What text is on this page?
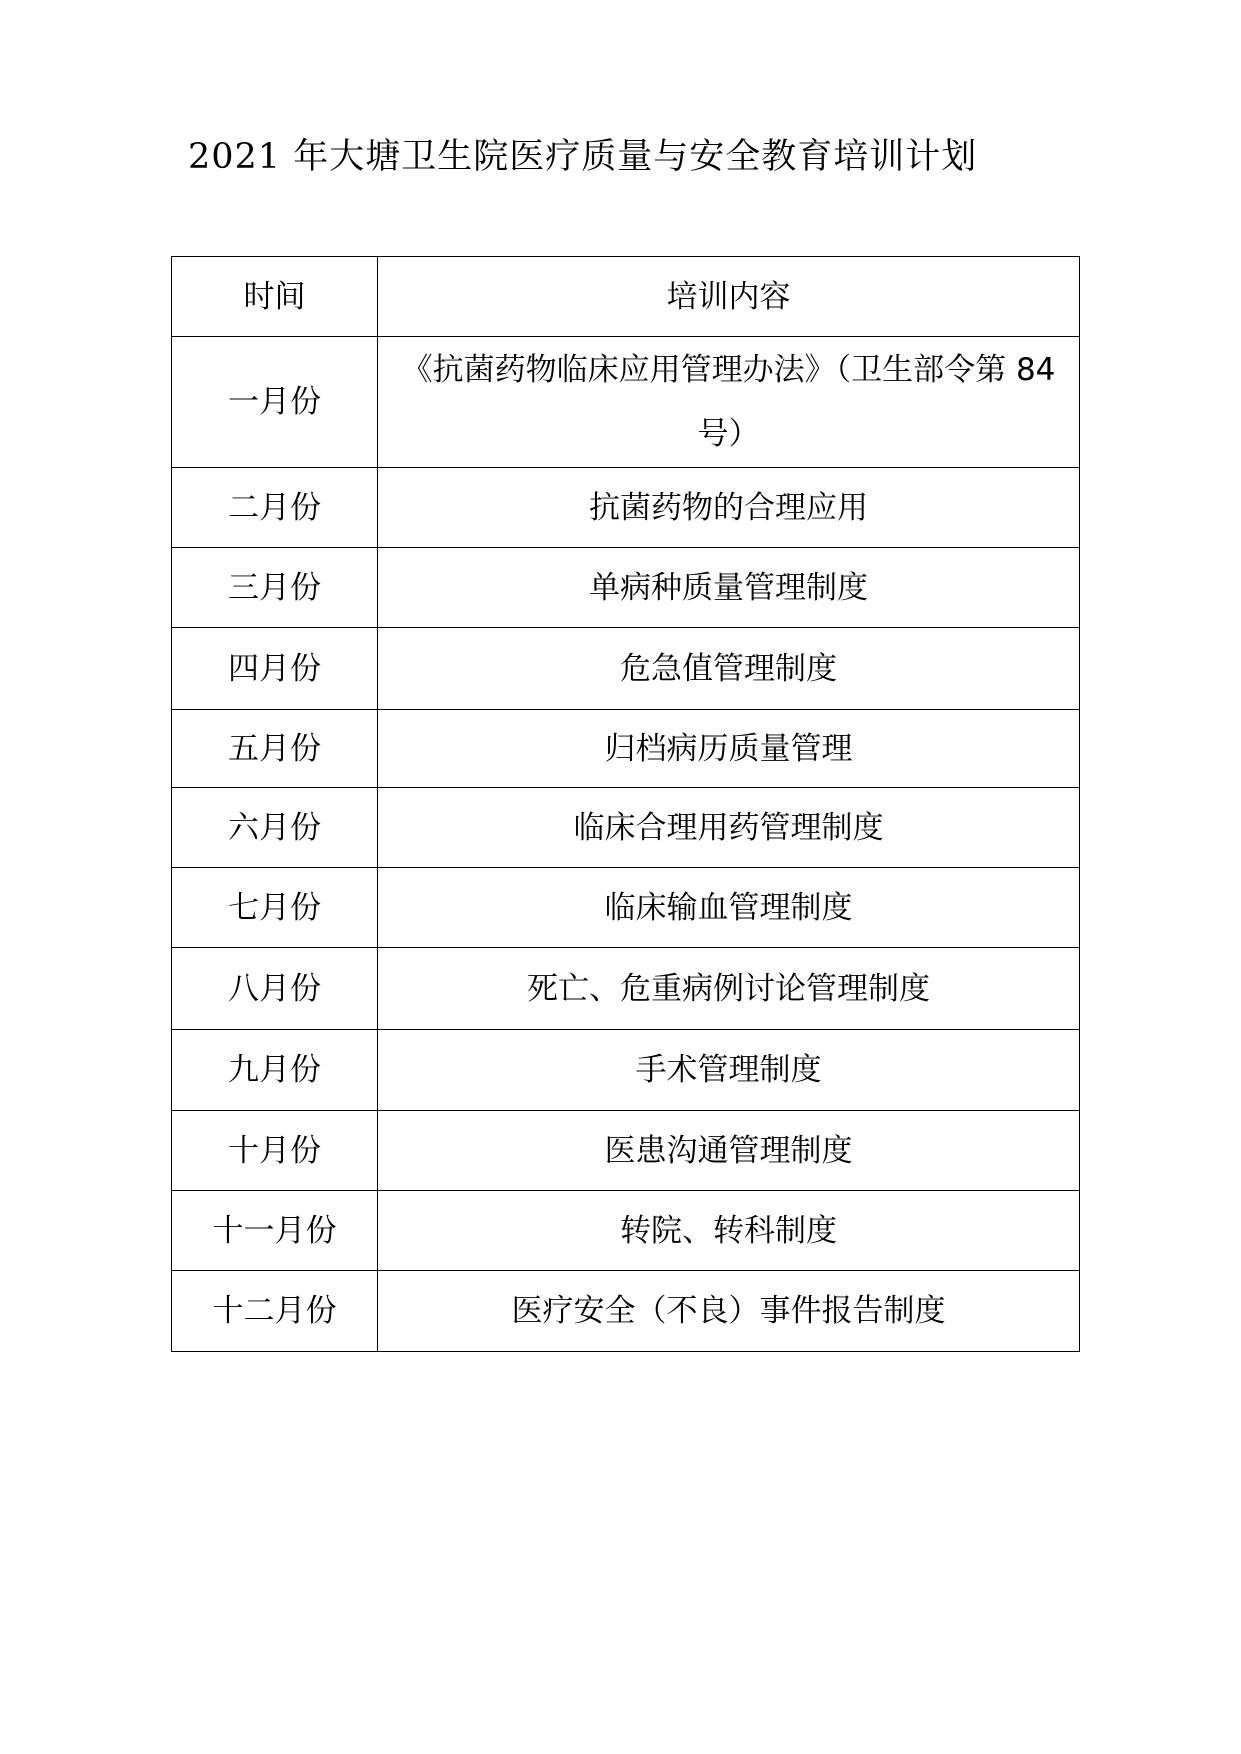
2021 年大塘卫生院医疗质量与安全教育培训计划
时间	培训内容
一月份	《抗菌药物临床应用管理办法》（卫生部令第 84 号）
二月份	抗菌药物的合理应用
三月份	单病种质量管理制度
四月份	危急值管理制度
五月份	归档病历质量管理
六月份	临床合理用药管理制度
七月份	临床输血管理制度
八月份	死亡、危重病例讨论管理制度
九月份	手术管理制度
十月份	医患沟通管理制度
十一月份	转院、转科制度
十二月份	医疗安全（不良）事件报告制度
